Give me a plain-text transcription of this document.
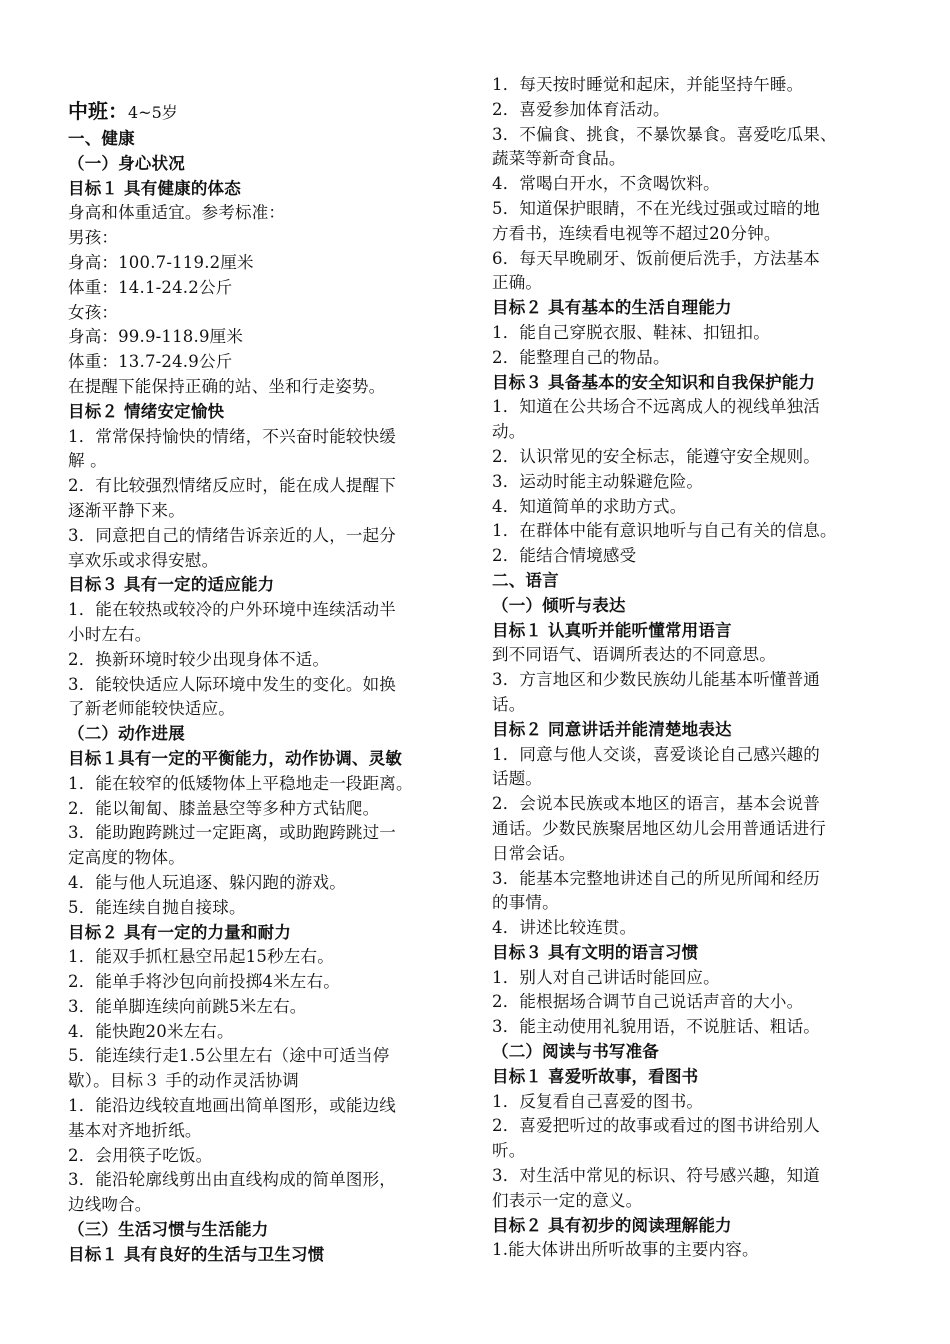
中班：4~5岁
一、健康
（一）身心状况
目标１ 具有健康的体态
身高和体重适宜。参考标准：
男孩：
身高：100.7-119.2厘米
体重：14.1-24.2公斤
女孩：
身高：99.9-118.9厘米
体重：13.7-24.9公斤
在提醒下能保持正确的站、坐和行走姿势。
目标２ 情绪安定愉快
1．常常保持愉快的情绪，不兴奋时能较快缓
解 。
2．有比较强烈情绪反应时，能在成人提醒下
逐渐平静下来。
3．同意把自己的情绪告诉亲近的人，一起分
享欢乐或求得安慰。
目标３ 具有一定的适应能力
1．能在较热或较冷的户外环境中连续活动半
小时左右。
2．换新环境时较少出现身体不适。
3．能较快适应人际环境中发生的变化。如换
了新老师能较快适应。
（二）动作进展
目标１具有一定的平衡能力，动作协调、灵敏
1．能在较窄的低矮物体上平稳地走一段距离。
2．能以匍匐、膝盖悬空等多种方式钻爬。
3．能助跑跨跳过一定距离，或助跑跨跳过一
定高度的物体。
4．能与他人玩追逐、躲闪跑的游戏。
5．能连续自抛自接球。
目标２ 具有一定的力量和耐力
1．能双手抓杠悬空吊起15秒左右。
2．能单手将沙包向前投掷4米左右。
3．能单脚连续向前跳5米左右。
4．能快跑20米左右。
5．能连续行走1.5公里左右（途中可适当停
歇）。目标３ 手的动作灵活协调
1．能沿边线较直地画出简单图形，或能边线
基本对齐地折纸。
2．会用筷子吃饭。
3．能沿轮廓线剪出由直线构成的简单图形，
边线吻合。
（三）生活习惯与生活能力
目标１ 具有良好的生活与卫生习惯
1．每天按时睡觉和起床，并能坚持午睡。
2．喜爱参加体育活动。
3．不偏食、挑食，不暴饮暴食。喜爱吃瓜果、
蔬菜等新奇食品。
4．常喝白开水，不贪喝饮料。
5．知道保护眼睛，不在光线过强或过暗的地
方看书，连续看电视等不超过20分钟。
6．每天早晚刷牙、饭前便后洗手，方法基本
正确。
目标２ 具有基本的生活自理能力
1．能自己穿脱衣服、鞋袜、扣钮扣。
2．能整理自己的物品。
目标３ 具备基本的安全知识和自我保护能力
1．知道在公共场合不远离成人的视线单独活
动。
2．认识常见的安全标志，能遵守安全规则。
3．运动时能主动躲避危险。
4．知道简单的求助方式。
1．在群体中能有意识地听与自己有关的信息。
2．能结合情境感受
二、语言
（一）倾听与表达
目标１ 认真听并能听懂常用语言
到不同语气、语调所表达的不同意思。
3．方言地区和少数民族幼儿能基本听懂普通
话。
目标２ 同意讲话并能清楚地表达
1．同意与他人交谈，喜爱谈论自己感兴趣的
话题。
2．会说本民族或本地区的语言，基本会说普
通话。少数民族聚居地区幼儿会用普通话进行
日常会话。
3．能基本完整地讲述自己的所见所闻和经历
的事情。
4．讲述比较连贯。
目标３ 具有文明的语言习惯
1．别人对自己讲话时能回应。
2．能根据场合调节自己说话声音的大小。
3．能主动使用礼貌用语，不说脏话、粗话。
（二）阅读与书写准备
目标１ 喜爱听故事，看图书
1．反复看自己喜爱的图书。
2．喜爱把听过的故事或看过的图书讲给别人
听。
3．对生活中常见的标识、符号感兴趣，知道
们表示一定的意义。
目标２ 具有初步的阅读理解能力
1.能大体讲出所听故事的主要内容。
